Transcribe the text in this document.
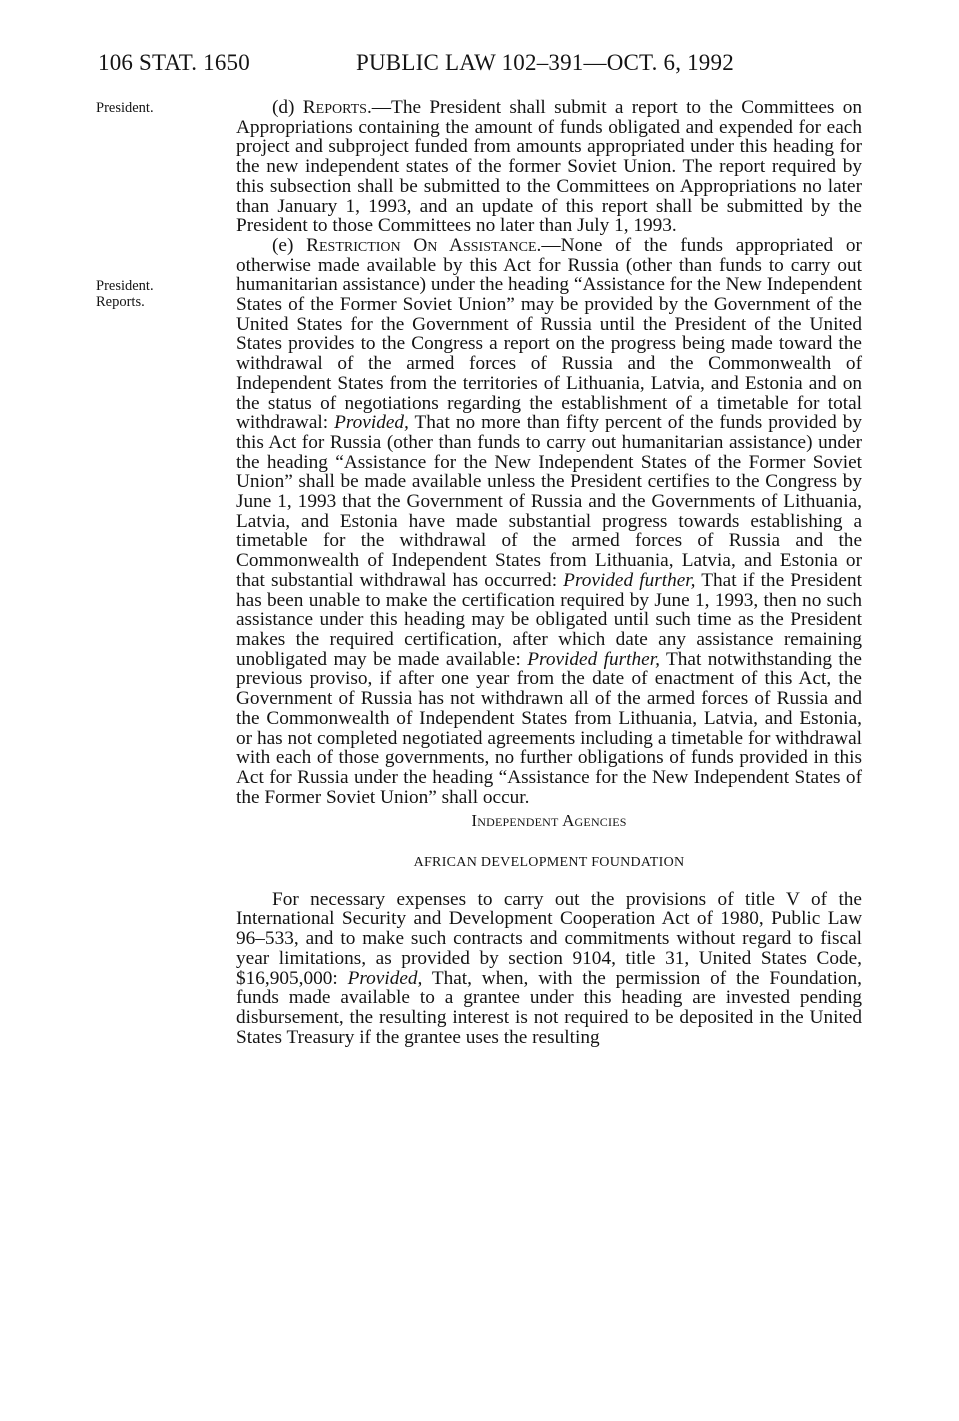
106 STAT. 1650	PUBLIC LAW 102–391—OCT. 6, 1992
President.
President.
Reports.

(d) Reports.—The President shall submit a report to the Committees on Appropriations containing the amount of funds obligated and expended for each project and subproject funded from amounts appropriated under this heading for the new independent states of the former Soviet Union. The report required by this subsection shall be submitted to the Committees on Appropriations no later than January 1, 1993, and an update of this report shall be submitted by the President to those Committees no later than July 1, 1993.

(e) Restriction On Assistance.—None of the funds appropriated or otherwise made available by this Act for Russia (other than funds to carry out humanitarian assistance) under the heading “Assistance for the New Independent States of the Former Soviet Union” may be provided by the Government of the United States for the Government of Russia until the President of the United States provides to the Congress a report on the progress being made toward the withdrawal of the armed forces of Russia and the Commonwealth of Independent States from the territories of Lithuania, Latvia, and Estonia and on the status of negotiations regarding the establishment of a timetable for total withdrawal: Provided, That no more than fifty percent of the funds provided by this Act for Russia (other than funds to carry out humanitarian assistance) under the heading “Assistance for the New Independent States of the Former Soviet Union” shall be made available unless the President certifies to the Congress by June 1, 1993 that the Government of Russia and the Governments of Lithuania, Latvia, and Estonia have made substantial progress towards establishing a timetable for the withdrawal of the armed forces of Russia and the Commonwealth of Independent States from Lithuania, Latvia, and Estonia or that substantial withdrawal has occurred: Provided further, That if the President has been unable to make the certification required by June 1, 1993, then no such assistance under this heading may be obligated until such time as the President makes the required certification, after which date any assistance remaining unobligated may be made available: Provided further, That notwithstanding the previous proviso, if after one year from the date of enactment of this Act, the Government of Russia has not withdrawn all of the armed forces of Russia and the Commonwealth of Independent States from Lithuania, Latvia, and Estonia, or has not completed negotiated agreements including a timetable for withdrawal with each of those governments, no further obligations of funds provided in this Act for Russia under the heading “Assistance for the New Independent States of the Former Soviet Union” shall occur.

Independent Agencies
AFRICAN DEVELOPMENT FOUNDATION

For necessary expenses to carry out the provisions of title V of the International Security and Development Cooperation Act of 1980, Public Law 96–533, and to make such contracts and commitments without regard to fiscal year limitations, as provided by section 9104, title 31, United States Code, $16,905,000: Provided, That, when, with the permission of the Foundation, funds made available to a grantee under this heading are invested pending disbursement, the resulting interest is not required to be deposited in the United States Treasury if the grantee uses the resulting
